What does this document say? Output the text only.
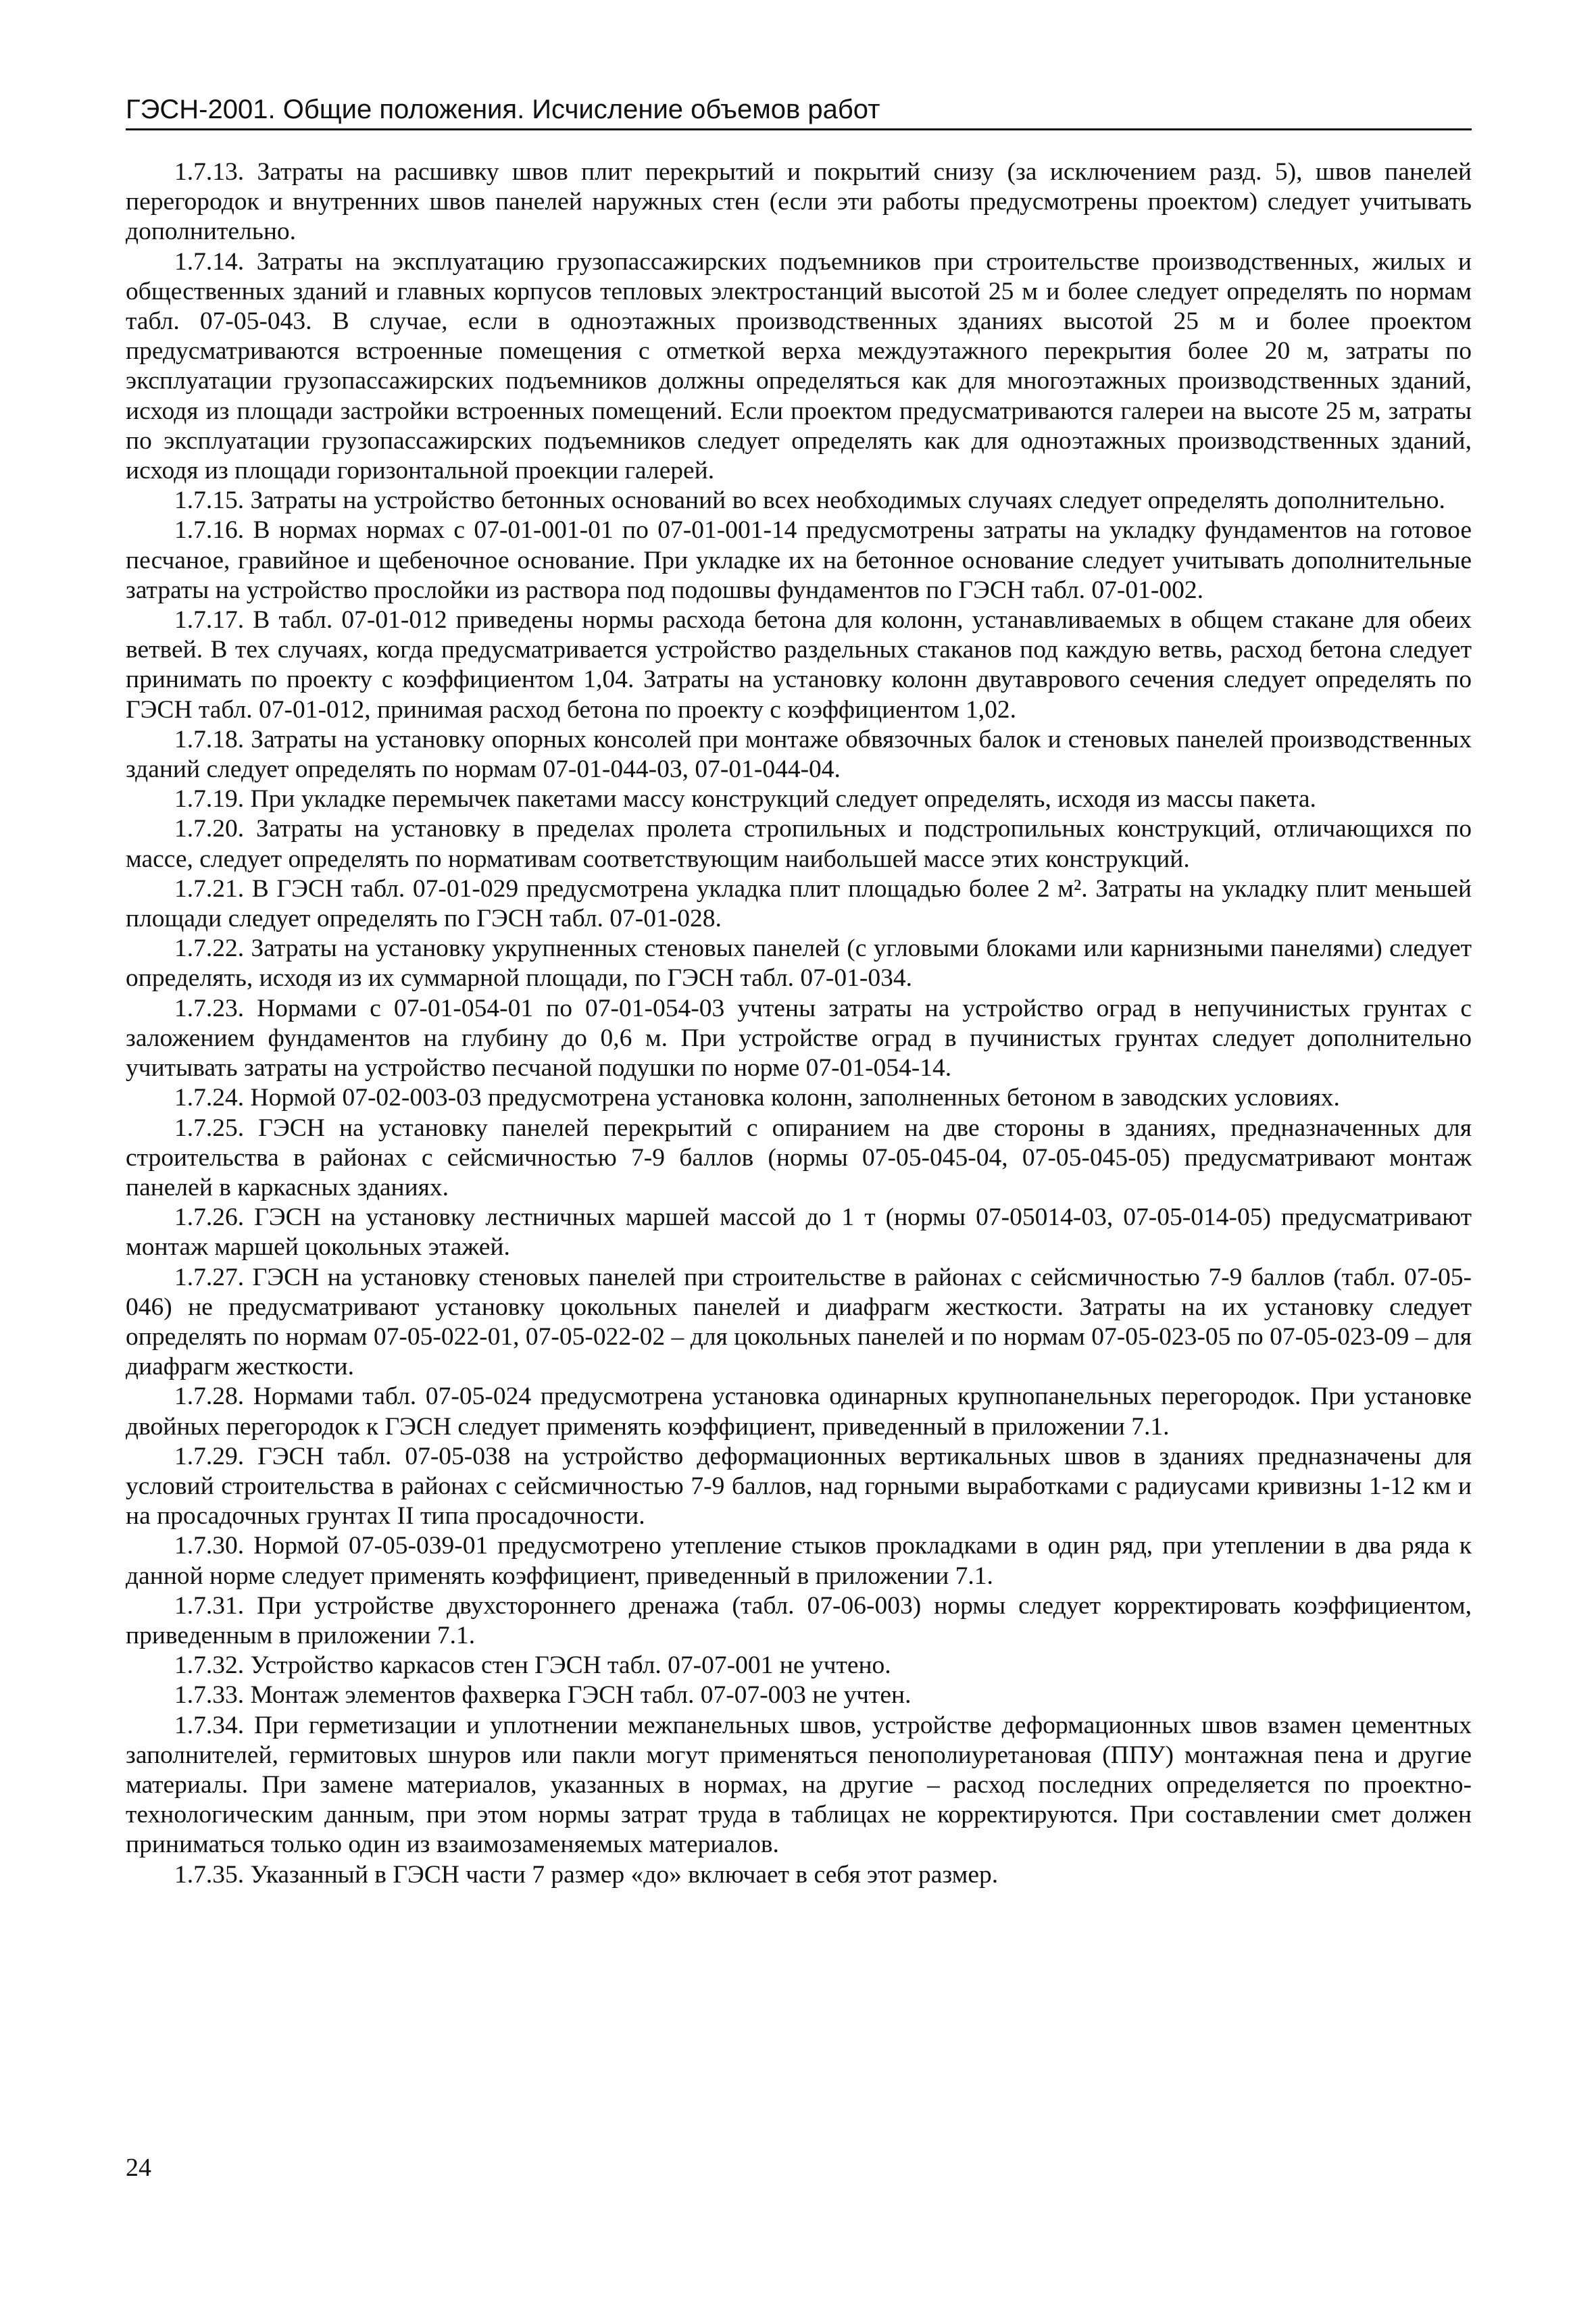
ГЭСН-2001. Общие положения. Исчисление объемов работ

1.7.13. Затраты на расшивку швов плит перекрытий и покрытий снизу (за исключением разд. 5), швов панелей перегородок и внутренних швов панелей наружных стен (если эти работы предусмотрены проектом) следует учитывать дополнительно.

1.7.14. Затраты на эксплуатацию грузопассажирских подъемников при строительстве производственных, жилых и общественных зданий и главных корпусов тепловых электростанций высотой 25 м и более следует определять по нормам табл. 07-05-043. В случае, если в одноэтажных производственных зданиях высотой 25 м и более проектом предусматриваются встроенные помещения с отметкой верха междуэтажного перекрытия более 20 м, затраты по эксплуатации грузопассажирских подъемников должны определяться как для многоэтажных производственных зданий, исходя из площади застройки встроенных помещений. Если проектом предусматриваются галереи на высоте 25 м, затраты по эксплуатации грузопассажирских подъемников следует определять как для одноэтажных производственных зданий, исходя из площади горизонтальной проекции галерей.

1.7.15. Затраты на устройство бетонных оснований во всех необходимых случаях следует определять дополнительно.

1.7.16. В нормах нормах с 07-01-001-01 по 07-01-001-14 предусмотрены затраты на укладку фундаментов на готовое песчаное, гравийное и щебеночное основание. При укладке их на бетонное основание следует учитывать дополнительные затраты на устройство прослойки из раствора под подошвы фундаментов по ГЭСН табл. 07-01-002.

1.7.17. В табл. 07-01-012 приведены нормы расхода бетона для колонн, устанавливаемых в общем стакане для обеих ветвей. В тех случаях, когда предусматривается устройство раздельных стаканов под каждую ветвь, расход бетона следует принимать по проекту с коэффициентом 1,04. Затраты на установку колонн двутаврового сечения следует определять по ГЭСН табл. 07-01-012, принимая расход бетона по проекту с коэффициентом 1,02.

1.7.18. Затраты на установку опорных консолей при монтаже обвязочных балок и стеновых панелей производственных зданий следует определять по нормам 07-01-044-03, 07-01-044-04.

1.7.19. При укладке перемычек пакетами массу конструкций следует определять, исходя из массы пакета.

1.7.20. Затраты на установку в пределах пролета стропильных и подстропильных конструкций, отличающихся по массе, следует определять по нормативам соответствующим наибольшей массе этих конструкций.

1.7.21. В ГЭСН табл. 07-01-029 предусмотрена укладка плит площадью более 2 м². Затраты на укладку плит меньшей площади следует определять по ГЭСН табл. 07-01-028.

1.7.22. Затраты на установку укрупненных стеновых панелей (с угловыми блоками или карнизными панелями) следует определять, исходя из их суммарной площади, по ГЭСН табл. 07-01-034.

1.7.23. Нормами с 07-01-054-01 по 07-01-054-03 учтены затраты на устройство оград в непучинистых грунтах с заложением фундаментов на глубину до 0,6 м. При устройстве оград в пучинистых грунтах следует дополнительно учитывать затраты на устройство песчаной подушки по норме 07-01-054-14.

1.7.24. Нормой 07-02-003-03 предусмотрена установка колонн, заполненных бетоном в заводских условиях.

1.7.25. ГЭСН на установку панелей перекрытий с опиранием на две стороны в зданиях, предназначенных для строительства в районах с сейсмичностью 7-9 баллов (нормы 07-05-045-04, 07-05-045-05) предусматривают монтаж панелей в каркасных зданиях.

1.7.26. ГЭСН на установку лестничных маршей массой до 1 т (нормы 07-05014-03, 07-05-014-05) предусматривают монтаж маршей цокольных этажей.

1.7.27. ГЭСН на установку стеновых панелей при строительстве в районах с сейсмичностью 7-9 баллов (табл. 07-05-046) не предусматривают установку цокольных панелей и диафрагм жесткости. Затраты на их установку следует определять по нормам 07-05-022-01, 07-05-022-02 – для цокольных панелей и по нормам 07-05-023-05 по 07-05-023-09 – для диафрагм жесткости.

1.7.28. Нормами табл. 07-05-024 предусмотрена установка одинарных крупнопанельных перегородок. При установке двойных перегородок к ГЭСН следует применять коэффициент, приведенный в приложении 7.1.

1.7.29. ГЭСН табл. 07-05-038 на устройство деформационных вертикальных швов в зданиях предназначены для условий строительства в районах с сейсмичностью 7-9 баллов, над горными выработками с радиусами кривизны 1-12 км и на просадочных грунтах II типа просадочности.

1.7.30. Нормой 07-05-039-01 предусмотрено утепление стыков прокладками в один ряд, при утеплении в два ряда к данной норме следует применять коэффициент, приведенный в приложении 7.1.

1.7.31. При устройстве двухстороннего дренажа (табл. 07-06-003) нормы следует корректировать коэффициентом, приведенным в приложении 7.1.

1.7.32. Устройство каркасов стен ГЭСН табл. 07-07-001 не учтено.

1.7.33. Монтаж элементов фахверка ГЭСН табл. 07-07-003 не учтен.

1.7.34. При герметизации и уплотнении межпанельных швов, устройстве деформационных швов взамен цементных заполнителей, гермитовых шнуров или пакли могут применяться пенополиуретановая (ППУ) монтажная пена и другие материалы. При замене материалов, указанных в нормах, на другие – расход последних определяется по проектно-технологическим данным, при этом нормы затрат труда в таблицах не корректируются. При составлении смет должен приниматься только один из взаимозаменяемых материалов.

1.7.35. Указанный в ГЭСН части 7 размер «до» включает в себя этот размер.

24
